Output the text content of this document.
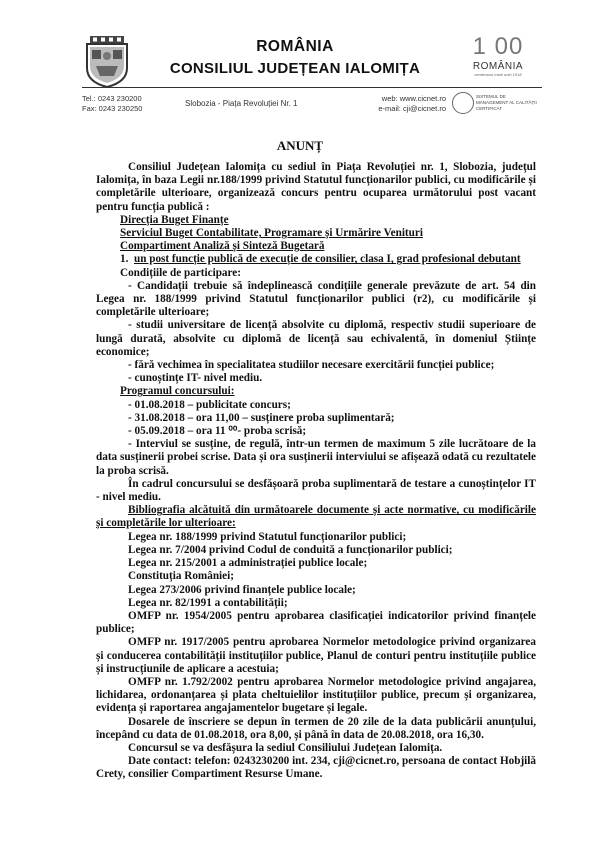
ROMÂNIA
CONSILIUL JUDEȚEAN IALOMIȚA
1 00
ROMÂNIA
centenarul marii uniri 1918
Tel.: 0243 230200
Fax: 0243 230250
Slobozia - Piața Revoluției Nr. 1
web: www.cicnet.ro
e-mail: cji@cicnet.ro
SISTEMUL DE MANAGEMENT AL CALITĂȚII CERTIFICAT
ANUNȚ

Consiliul Județean Ialomița cu sediul în Piața Revoluției nr. 1, Slobozia, județul Ialomița, în baza Legii nr.188/1999 privind Statutul funcționarilor publici, cu modificările și completările ulterioare, organizează concurs pentru ocuparea următorului post vacant pentru funcția publică :

Direcția Buget Finanțe

Serviciul Buget Contabilitate, Programare și Urmărire Venituri

Compartiment Analiză și Sinteză Bugetară

1. un post funcție publică de execuție de consilier, clasa I, grad profesional debutant

Condițiile de participare:

- Candidații trebuie să îndeplinească condițiile generale prevăzute de art. 54 din Legea nr. 188/1999 privind Statutul funcționarilor publici (r2), cu modificările și completările ulterioare;

- studii universitare de licență absolvite cu diplomă, respectiv studii superioare de lungă durată, absolvite cu diplomă de licență sau echivalentă, în domeniul Științe economice;

- fără vechimea în specialitatea studiilor necesare exercitării funcției publice;

- cunoștințe IT- nivel mediu.

Programul concursului:

- 01.08.2018 – publicitate concurs;

- 31.08.2018 – ora 11,00 – susținere proba suplimentară;

- 05.09.2018 – ora 11 ⁰⁰- proba scrisă;

- Interviul se susține, de regulă, într-un termen de maximum 5 zile lucrătoare de la data susținerii probei scrise. Data și ora susținerii interviului se afișează odată cu rezultatele la proba scrisă.

În cadrul concursului se desfășoară proba suplimentară de testare a cunoștințelor IT - nivel mediu.

Bibliografia alcătuită din următoarele documente și acte normative, cu modificările și completările lor ulterioare:

Legea nr. 188/1999 privind Statutul funcționarilor publici;

Legea nr. 7/2004 privind Codul de conduită a funcționarilor publici;

Legea nr. 215/2001 a administrației publice locale;

Constituția României;

Legea 273/2006 privind finanțele publice locale;

Legea nr. 82/1991 a contabilității;

OMFP nr. 1954/2005 pentru aprobarea clasificației indicatorilor privind finanțele publice;

OMFP nr. 1917/2005 pentru aprobarea Normelor metodologice privind organizarea și conducerea contabilității instituțiilor publice, Planul de conturi pentru instituțiile publice și instrucțiunile de aplicare a acestuia;

OMFP nr. 1.792/2002 pentru aprobarea Normelor metodologice privind angajarea, lichidarea, ordonanțarea și plata cheltuielilor instituțiilor publice, precum și organizarea, evidența și raportarea angajamentelor bugetare și legale.

Dosarele de înscriere se depun în termen de 20 zile de la data publicării anunțului, începând cu data de 01.08.2018, ora 8,00, și până în data de 20.08.2018, ora 16,30.

Concursul se va desfășura la sediul Consiliului Județean Ialomița.

Date contact: telefon: 0243230200 int. 234, cji@cicnet.ro, persoana de contact Hobjilă Crety, consilier Compartiment Resurse Umane.
